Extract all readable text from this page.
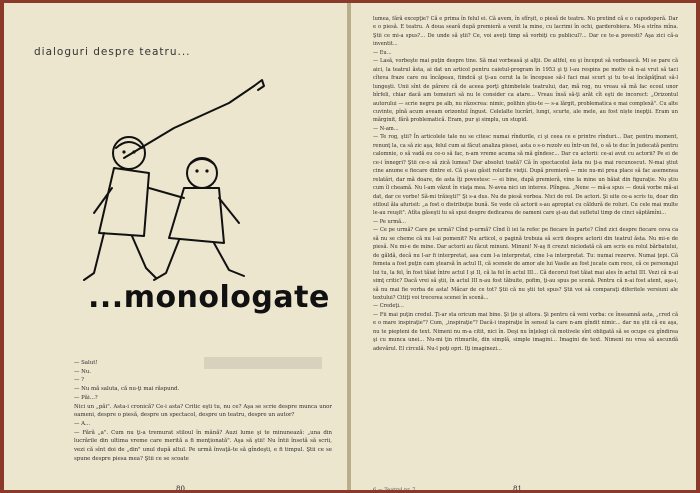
dialoguri despre teatru...
...monologate

— Salut!

— Nu.

— ?

— Nu mă saluta, că nu-ţi mai răspund.

— Păi...?

Nici un „păi". Asta-i cronică? Ce-i asta? Critic eşti tu, nu ce? Aşa se scrie despre munca unor oameni, despre o piesă, despre un spectacol, despre un teatru, despre un autor?

— A...

— Fără „a". Cum nu ţi-a tremurat stiloul în mână? Auzi lume şi te minunează: „una din lucrările din ultima vreme care merită a fi menţionată". Aşa să ştii! Nu întii însetă să scrii, vezi că sînt doi de „din" unul după altul. Pe urmă învaţă-te să gîndeşti, e fi timpul. Ştii ce se spune despre piesa mea? Ştii ce se scoate

80

lumea, fără excepţie? Că e prima în felul ei. Că avem, în sfîrşit, o piesă de teatru. Nu pretind că e o capodoperă. Dar e o piesă. E teatru. A doua seară după premieră a venit la mine, cu lacrimi în ochi, garderobiera. Mi-a strîns mîna. Ştii ce mi-a spus?... De unde să ştii? Ce, voi aveţi timp să vorbiţi cu publicul?... Dar ce te-a povesti? Aşa zici că-a inventit...

— Eu...

— Lasă, vorbeşte mai puţin despre tine. Să mai vorbeasă şi alţii. De altfel, eu şi început să vorbească. Mi se pare că aici, la teatrul ăsta, ai dat un articol pentru caietul-program în 1953 şi ţi l-au respins pe motiv că n-ai vrut să taci cîteva fraze care nu încăpeau, fiindcă şi ţi-au cerut la le începuse să-l faci mai scurt şi tu te-ai încăpăţînat să-l lungeşti. Unii sînt de părere că de aceea porţi ghimbetele teatrului, dar, mă rog, nu vreau să mă fac ecoul unor bîrfeli, chiar dacă am temeiuri să nu le consider ca atare... Vreau însă să-ţi arăt cît eşti de incorect: „Orizontul autorului — scrie negru pe alb, nu răzocrea: nimic, polihin ştiu-te — s-a lărgit, problematica e mai complexă". Cu alte cuvinte, pînă acum aveam orizontul îngust. Celelalte lucrări, lungi, scurte, ale mele, au fost niște inepţii. Eram un mărginit, fără problematică. Eram, pur şi simplu, un stupid.

— N-am...

— Te rog, ştii? În articolele tale nu se citesc numai rîndurile, ci şi ceea ce e printre rînduri... Dar, pentru moment, renunţ la, ca să zic aşa, felul cum ai făcut analiza piesei, asta o s-o rezolv eu într-un fel, o să te duc în judecată pentru calomnie, o să vadă eu ce-o să fac, n-am vreme acuma să mă gîndesc... Dar cu actorii: ce-ai avut cu actorii? Pe ei de ce-i înnegri? Ştii ce-o să zică lumea? Dar absolut toată? Că în spectacolul ăsta nu ţi-a mai recunoscut. N-mai ştiut cine anume e fiecare dintre ei. Că şi-au găsit rolurile vieţii. După premieră — mie nu-mi prea place să fac asemenea relatări, dar mă doare, de asta îţi povestesc — ei bine, după premieră, vine la mine un băiat din figuraţie. Nu ştiu cum îl cheamă. Nu l-am văzut în viaţa mea. N-avea nici un interes. Plîngea. „Nene — mă-a spus — două vorbe mă-ai dat, dar ce vorbe! Să-mi trăieşti!" Şi s-a dus. Nu de piesă vorbea. Nici de rol. De actori. Şi uite ce-a scris tu, doar din stiloul ăla afurisit: „a fost o distribuţie bună. Se vede că actorii s-au apropiat cu căldură de roluri. Cu cele mai multe le-au reuşit". Atîta găseşti tu să spui despre dedicarea de oameni care şi-au dat sufletul timp de cinci săptămîni...

— Pe urmă...

— Ce pe urmă? Care pe urmă? Cînd p-urmă? Cînd îi iei la refec pe fiecare în parte? Cînd zici despre fiecare ceva ca să nu se cheme că nu l-ai pomenit? Nu articol, o pagină trebuia să scrii despre actorii din teatrul ăsta. Nu mi-e de piesă. Nu mi-e de mine. Dar actorii au făcut minuni. Minuni! N-aş fi crezut niciodată că am scris eu rolul bărbatului, de găldă, decă nu l-ar fi interpretat, asa cum l-a interpretat, cine l-a interpretat. Tu: numai rezerve. Numai ţepi. Că femeia a fost puţin cam ştearsă în actul II, că scenele de amor ale lui Vasile au fost jucate cam rece, că ce personajul lui tu, la fel, în fost tăiat între actul I şi II, că la fel în actul III... Că decorul fost tăiat mai ales în actul III. Vezi că n-ai simţ critic? Dacă vrei să ştii, în actul III n-au fost tăbuite, pofim, ţi-au spus pe scenă. Pentru că n-ai fost atent, aşa-i, să nu mai fie vorba de asta! Măcar de ce tot? Ştii că nu ştii tot spus? Ştii voi să comparaţi diferitele versiuni ale textului? Citiţi voi trecerea scenei în scenă...

— Credeţi...

— Fii mai puţin credul. Ţi-ar sta oricum mai bine. Şi ţie şi altora. Şi pentru că veni vorba: ce înseamnă asta, „cred că e o mare inspiraţie"? Cum, „inspiraţie"? Dacă-i inspiraţie în sensul la care n-am gîndit nimic... dar nu ştii că eu aşa, nu te piepteni de text. Nimeni nu m-a citit, nici în. Deşi nu înţelegi că motivele sînt obligată să se ocupe cu gîndirea şi cu munca unei... Nu-mi ţin ritmurile, din simplă, simple imagini... Imagini de text. Nimeni nu vrea să ascundă adevărul. El circulă. Nu-l poţi opri. Iţi imaginezi...

6 — Teatrul nr. 7	81
